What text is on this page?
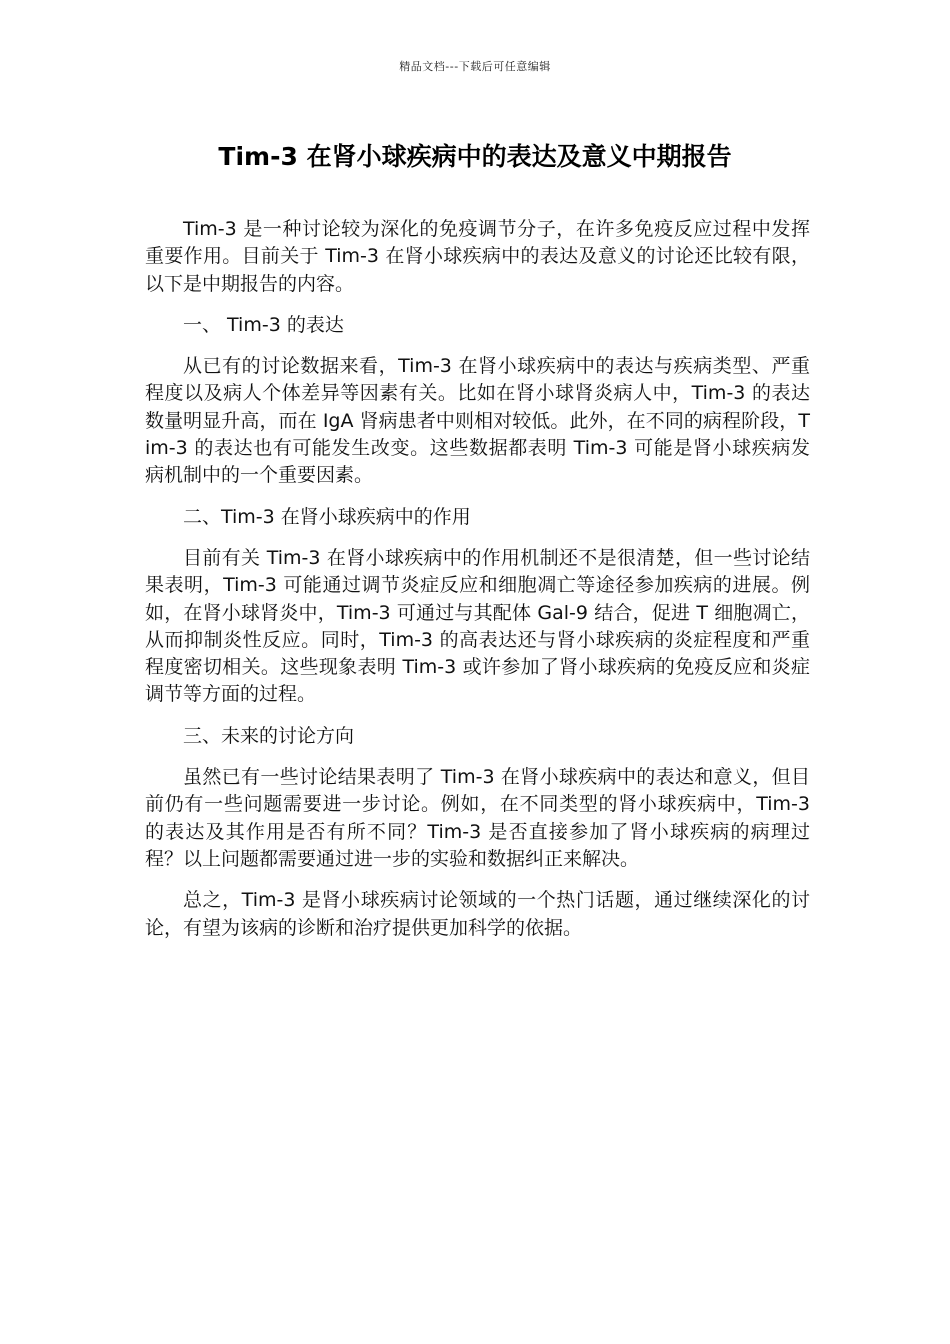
精品文档---下载后可任意编辑
Tim-3 在肾小球疾病中的表达及意义中期报告

Tim-3 是一种讨论较为深化的免疫调节分子，在许多免疫反应过程中发挥重要作用。目前关于 Tim-3 在肾小球疾病中的表达及意义的讨论还比较有限，以下是中期报告的内容。

一、 Tim-3 的表达

从已有的讨论数据来看，Tim-3 在肾小球疾病中的表达与疾病类型、严重程度以及病人个体差异等因素有关。比如在肾小球肾炎病人中，Tim-3 的表达数量明显升高，而在 IgA 肾病患者中则相对较低。此外，在不同的病程阶段，Tim-3 的表达也有可能发生改变。这些数据都表明 Tim-3 可能是肾小球疾病发病机制中的一个重要因素。

二、Tim-3 在肾小球疾病中的作用

目前有关 Tim-3 在肾小球疾病中的作用机制还不是很清楚，但一些讨论结果表明，Tim-3 可能通过调节炎症反应和细胞凋亡等途径参加疾病的进展。例如，在肾小球肾炎中，Tim-3 可通过与其配体 Gal-9 结合，促进 T 细胞凋亡，从而抑制炎性反应。同时，Tim-3 的高表达还与肾小球疾病的炎症程度和严重程度密切相关。这些现象表明 Tim-3 或许参加了肾小球疾病的免疫反应和炎症调节等方面的过程。

三、未来的讨论方向

虽然已有一些讨论结果表明了 Tim-3 在肾小球疾病中的表达和意义，但目前仍有一些问题需要进一步讨论。例如，在不同类型的肾小球疾病中，Tim-3 的表达及其作用是否有所不同？Tim-3 是否直接参加了肾小球疾病的病理过程？以上问题都需要通过进一步的实验和数据纠正来解决。

总之，Tim-3 是肾小球疾病讨论领域的一个热门话题，通过继续深化的讨论，有望为该病的诊断和治疗提供更加科学的依据。
